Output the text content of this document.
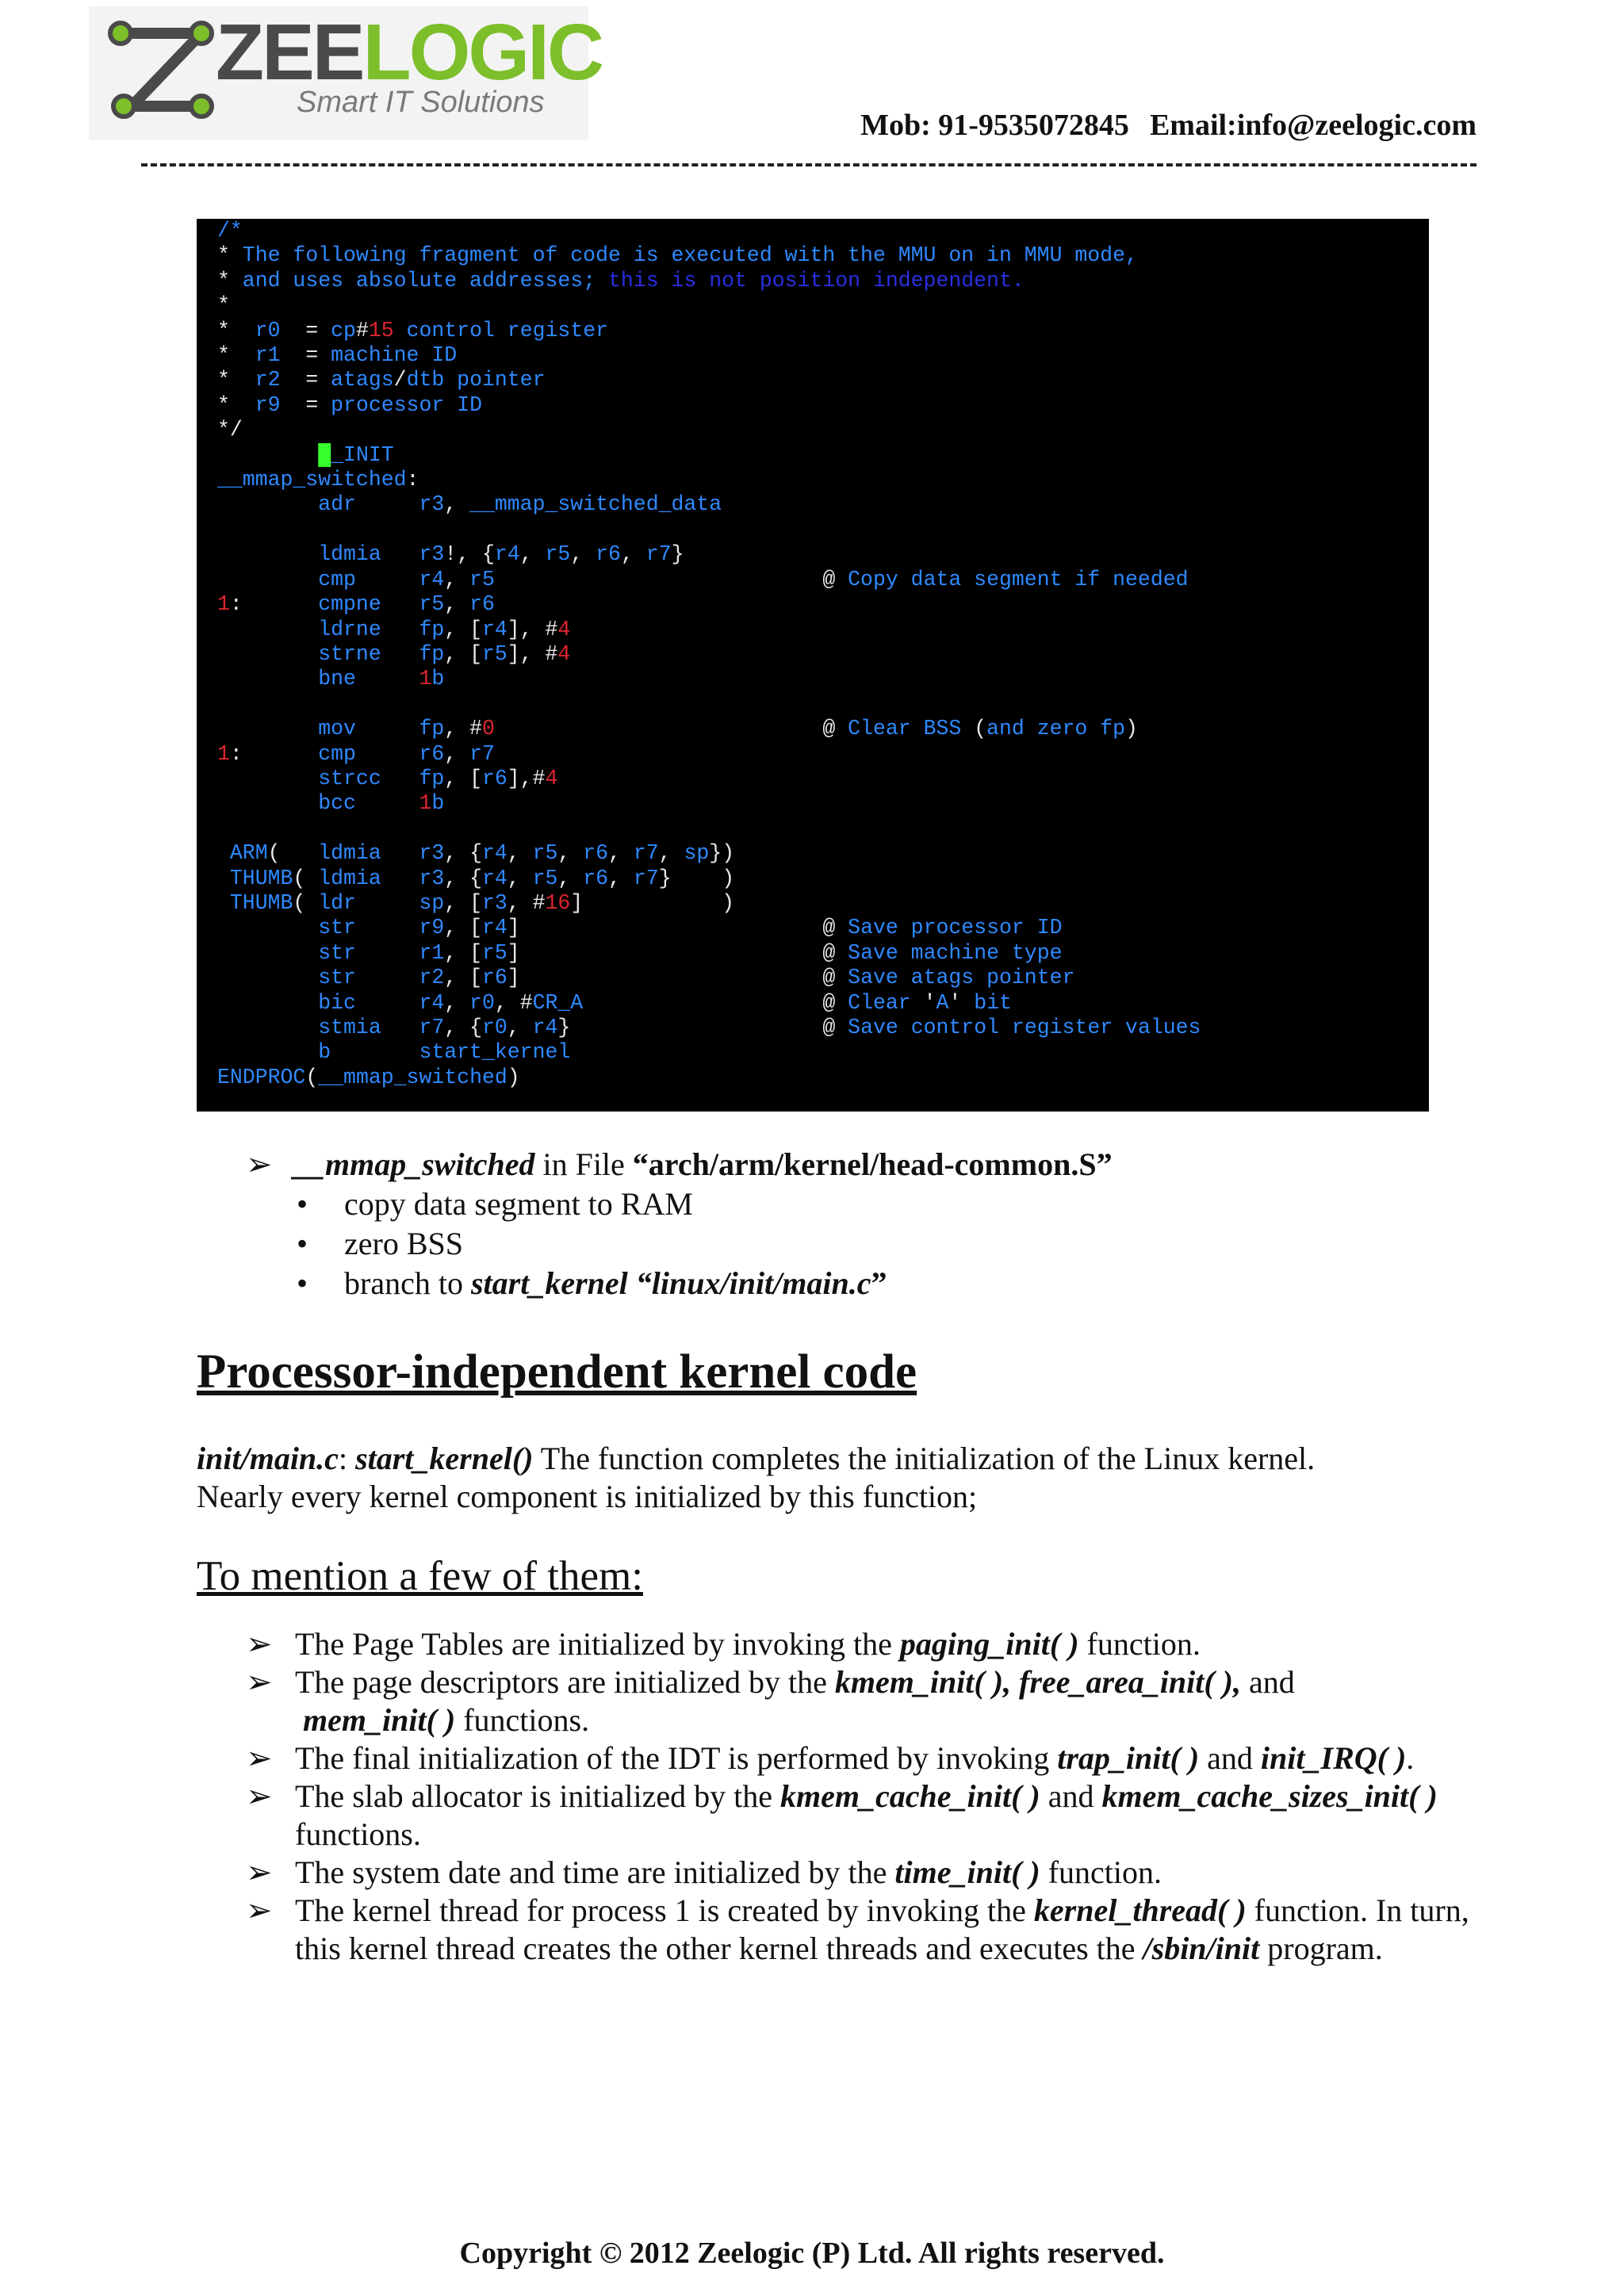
ZEELOGIC
Smart IT Solutions
Mob: 91-9535072845 Email:info@zeelogic.com
/*
* The following fragment of code is executed with the MMU on in MMU mode,
* and uses absolute addresses; this is not position independent.
*
*  r0  = cp#15 control register
*  r1  = machine ID
*  r2  = atags/dtb pointer
*  r9  = processor ID
*/
█_INIT
__mmap_switched:
adr     r3, __mmap_switched_data

ldmia   r3!, {r4, r5, r6, r7}
cmp     r4, r5                          @ Copy data segment if needed
1:      cmpne   r5, r6
ldrne   fp, [r4], #4
strne   fp, [r5], #4
bne	1b

mov     fp, #0	@ Clear BSS (and zero fp)
1:      cmp     r6, r7
strcc   fp, [r6],#4
bcc	1b

ARM(   ldmia   r3, {r4, r5, r6, r7, sp})
THUMB( ldmia   r3, {r4, r5, r6, r7} )
THUMB( ldr     sp, [r3, #16]	)
str     r9, [r4]	@ Save processor ID
str     r1, [r5]	@ Save machine type
str     r2, [r6]	@ Save atags pointer
bic     r4, r0, #CR_A                   @ Clear 'A' bit
stmia   r7, {r0, r4}	@ Save control register values
b       start_kernel
ENDPROC(__mmap_switched)
➢ __mmap_switched in File “arch/arm/kernel/head-common.S”
• copy data segment to RAM
• zero BSS
• branch to start_kernel “linux/init/main.c”
Processor-independent kernel code
init/main.c: start_kernel() The function completes the initialization of the Linux kernel.
Nearly every kernel component is initialized by this function;
To mention a few of them:
➢ The Page Tables are initialized by invoking the paging_init( ) function.
➢ The page descriptors are initialized by the kmem_init( ), free_area_init( ), and
mem_init( ) functions.
➢ The final initialization of the IDT is performed by invoking trap_init( ) and init_IRQ( ).
➢ The slab allocator is initialized by the kmem_cache_init( ) and kmem_cache_sizes_init( ) functions.
➢ The system date and time are initialized by the time_init( ) function.
➢ The kernel thread for process 1 is created by invoking the kernel_thread( ) function. In turn, this kernel thread creates the other kernel threads and executes the /sbin/init program.
Copyright © 2012 Zeelogic (P) Ltd. All rights reserved.
